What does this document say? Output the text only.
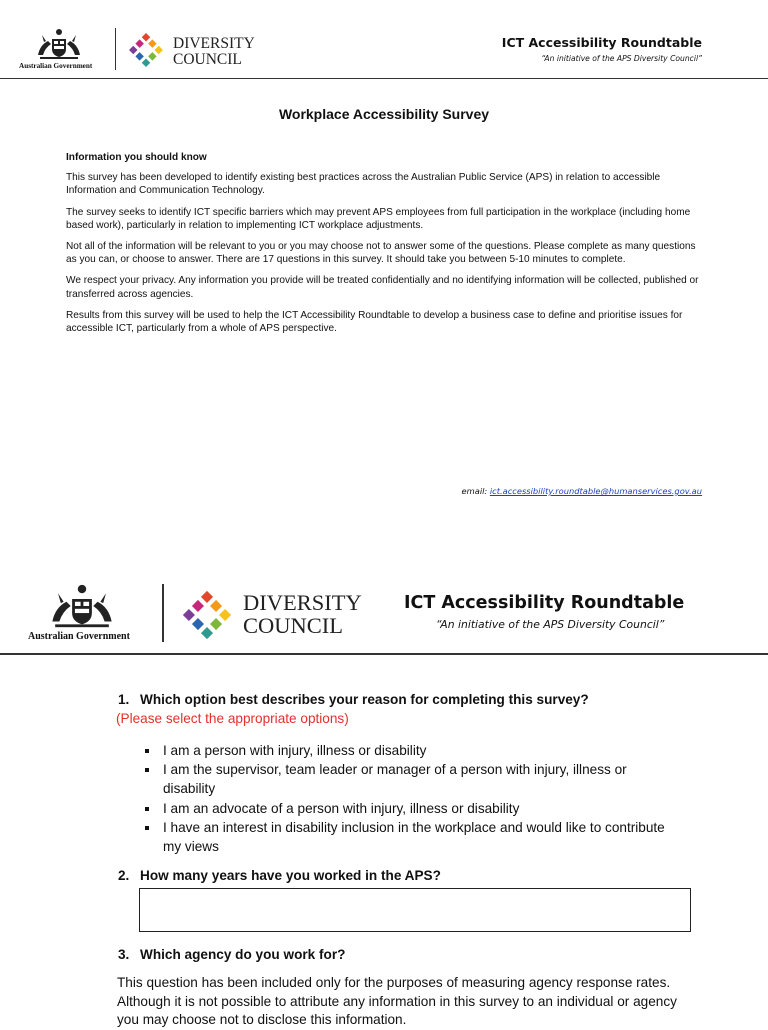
Australian Government
DIVERSITY
COUNCIL
ICT Accessibility Roundtable
“An initiative of the APS Diversity Council”
Workplace Accessibility Survey
Information you should know

This survey has been developed to identify existing best practices across the Australian Public Service (APS) in relation to accessible Information and Communication Technology.

The survey seeks to identify ICT specific barriers which may prevent APS employees from full participation in the workplace (including home based work), particularly in relation to implementing ICT workplace adjustments.

Not all of the information will be relevant to you or you may choose not to answer some of the questions. Please complete as many questions as you can, or choose to answer. There are 17 questions in this survey. It should take you between 5-10 minutes to complete.

We respect your privacy. Any information you provide will be treated confidentially and no identifying information will be collected, published or transferred across agencies.

Results from this survey will be used to help the ICT Accessibility Roundtable to develop a business case to define and prioritise issues for accessible ICT, particularly from a whole of APS perspective.

email: ict.accessibility.roundtable@humanservices.gov.au
Australian Government
DIVERSITY
COUNCIL
ICT Accessibility Roundtable
“An initiative of the APS Diversity Council”
1. Which option best describes your reason for completing this survey?
(Please select the appropriate options)
I am a person with injury, illness or disability
I am the supervisor, team leader or manager of a person with injury, illness or disability
I am an advocate of a person with injury, illness or disability
I have an interest in disability inclusion in the workplace and would like to contribute my views
2. How many years have you worked in the APS?
3. Which agency do you work for?
This question has been included only for the purposes of measuring agency response rates. Although it is not possible to attribute any information in this survey to an individual or agency you may choose not to disclose this information.
